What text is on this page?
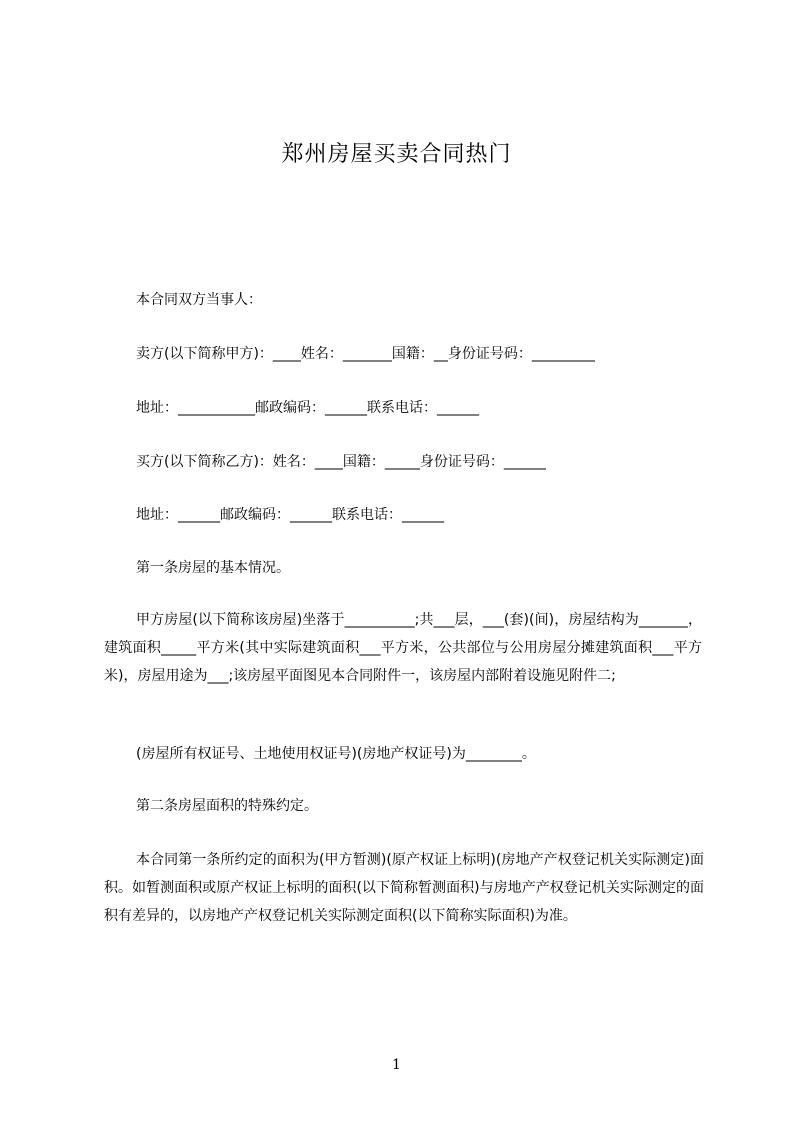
郑州房屋买卖合同热门
本合同双方当事人：
卖方(以下简称甲方)：____姓名：_______国籍：__身份证号码：_________
地址：___________邮政编码：______联系电话：______
买方(以下简称乙方)：姓名：____国籍：_____身份证号码：______
地址：______邮政编码：______联系电话：______
第一条房屋的基本情况。
甲方房屋(以下简称该房屋)坐落于__________;共___层，___(套)(间)，房屋结构为_______，建筑面积_____平方米(其中实际建筑面积___平方米，公共部位与公用房屋分摊建筑面积___平方米)，房屋用途为___;该房屋平面图见本合同附件一，该房屋内部附着设施见附件二;
(房屋所有权证号、土地使用权证号)(房地产权证号)为________。
第二条房屋面积的特殊约定。
本合同第一条所约定的面积为(甲方暂测)(原产权证上标明)(房地产产权登记机关实际测定)面积。如暂测面积或原产权证上标明的面积(以下简称暂测面积)与房地产产权登记机关实际测定的面积有差异的，以房地产产权登记机关实际测定面积(以下简称实际面积)为准。
1
